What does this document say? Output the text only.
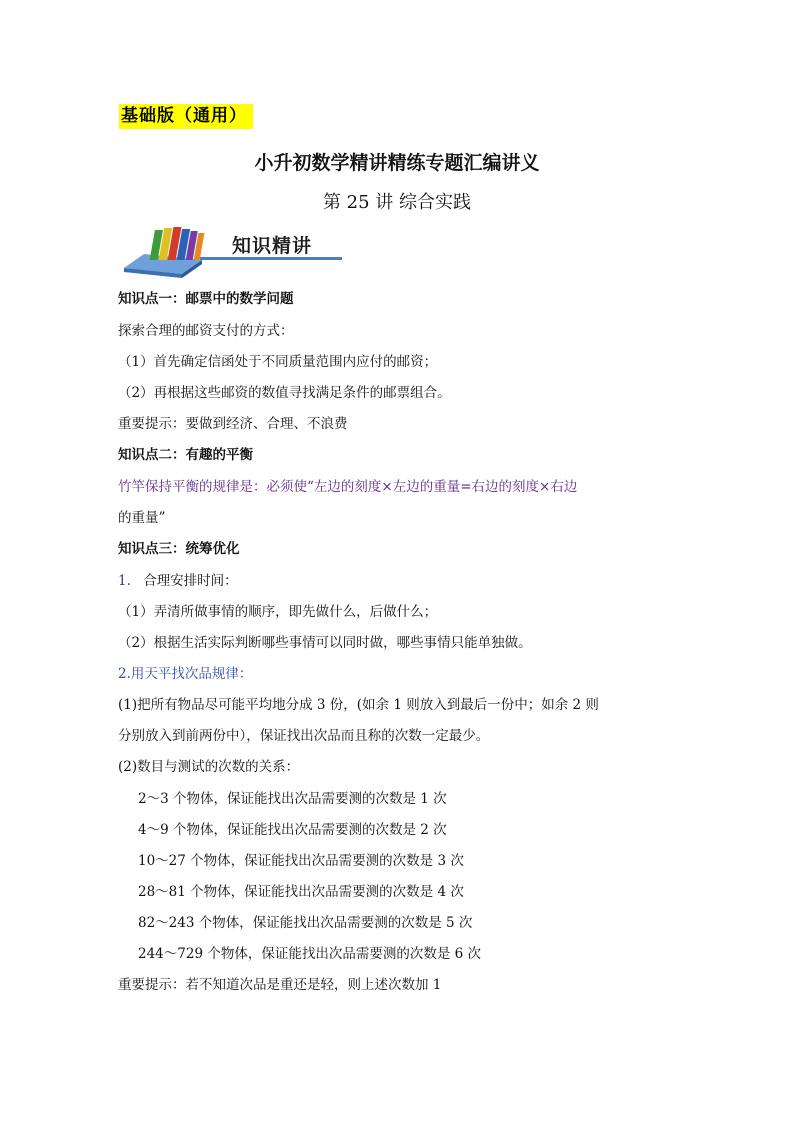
基础版（通用）
小升初数学精讲精练专题汇编讲义
第 25 讲 综合实践
知识精讲
知识点一：邮票中的数学问题
探索合理的邮资支付的方式：
（1）首先确定信函处于不同质量范围内应付的邮资；
（2）再根据这些邮资的数值寻找满足条件的邮票组合。
重要提示：要做到经济、合理、不浪费
知识点二：有趣的平衡
竹竿保持平衡的规律是：必须使“左边的刻度×左边的重量=右边的刻度×右边
的重量”
知识点三：统筹优化
1. 合理安排时间：
（1）弄清所做事情的顺序，即先做什么，后做什么；
（2）根据生活实际判断哪些事情可以同时做，哪些事情只能单独做。
2.用天平找次品规律：
(1)把所有物品尽可能平均地分成 3 份，(如余 1 则放入到最后一份中；如余 2 则
分别放入到前两份中），保证找出次品而且称的次数一定最少。
(2)数目与测试的次数的关系：
2～3 个物体，保证能找出次品需要测的次数是 1 次
4～9 个物体，保证能找出次品需要测的次数是 2 次
10～27 个物体，保证能找出次品需要测的次数是 3 次
28～81 个物体，保证能找出次品需要测的次数是 4 次
82～243 个物体，保证能找出次品需要测的次数是 5 次
244～729 个物体，保证能找出次品需要测的次数是 6 次
重要提示：若不知道次品是重还是轻，则上述次数加 1
